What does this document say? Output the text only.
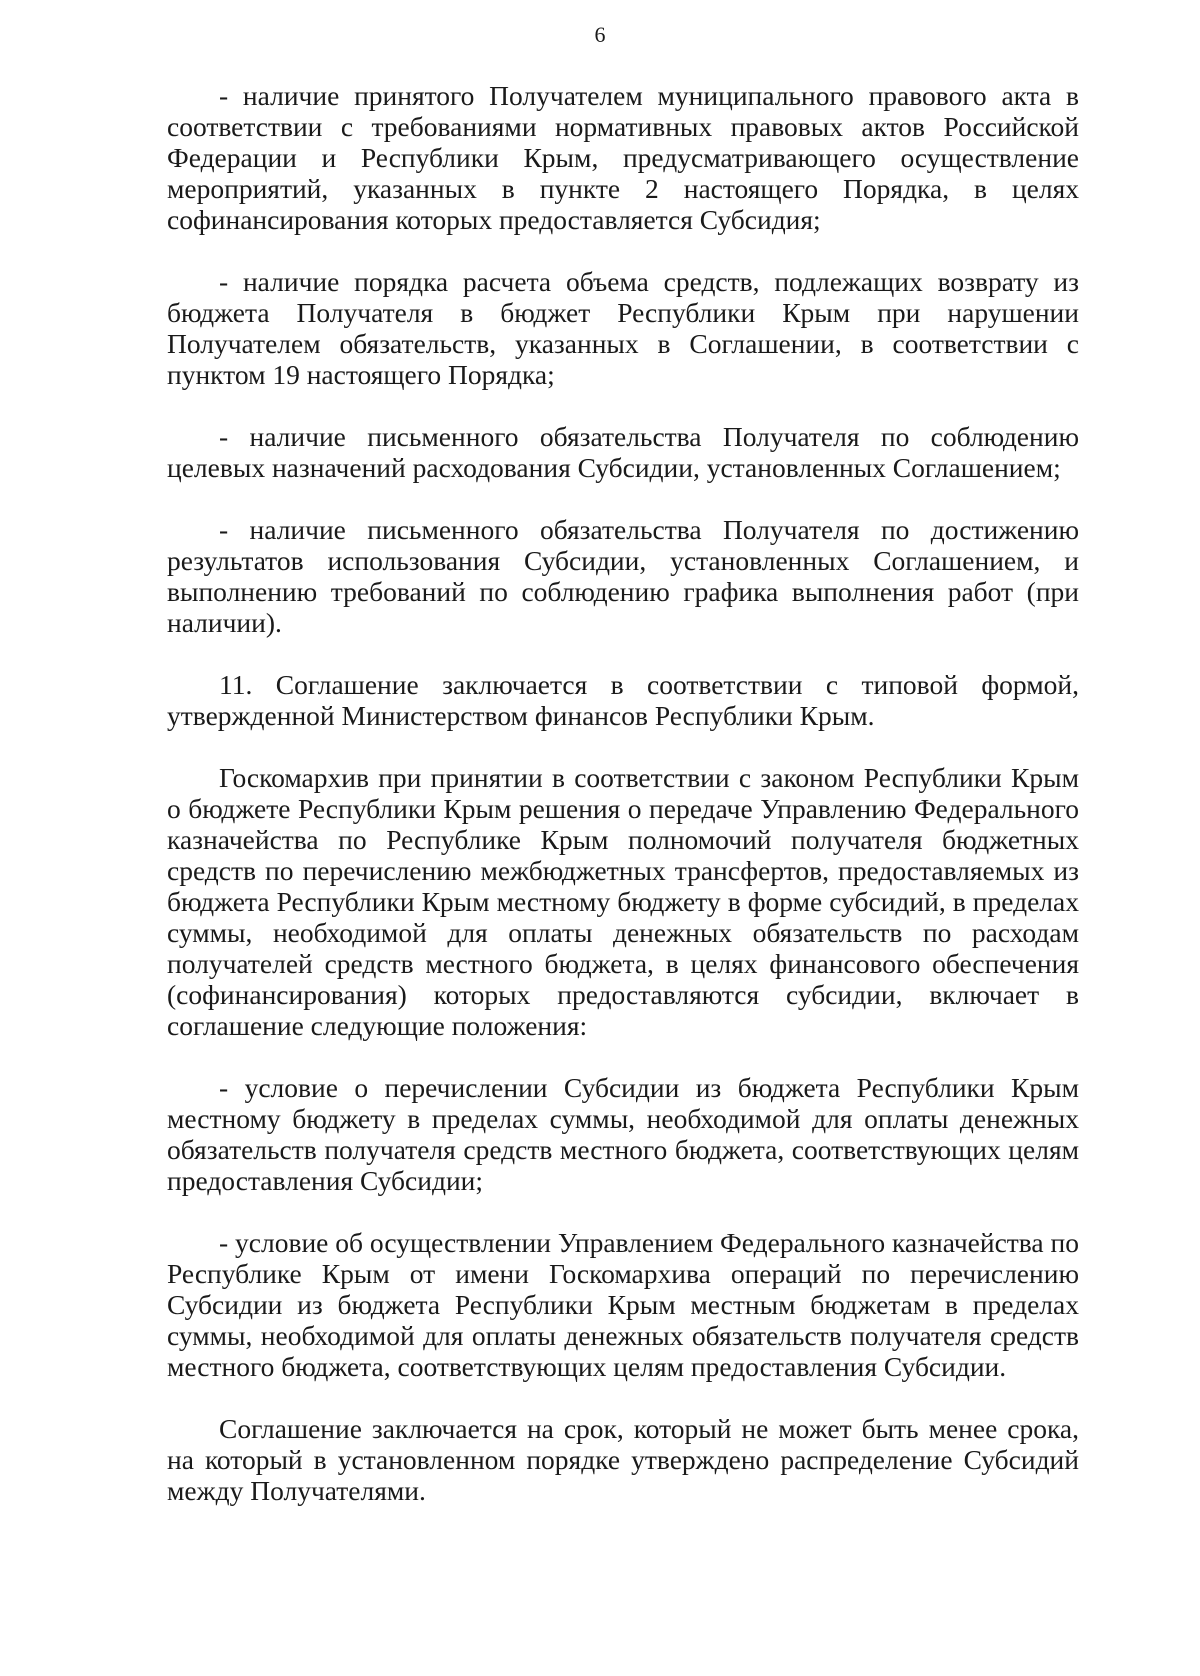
6

- наличие принятого Получателем муниципального правового акта в соответствии с требованиями нормативных правовых актов Российской Федерации и Республики Крым, предусматривающего осуществление мероприятий, указанных в пункте 2 настоящего Порядка, в целях софинансирования которых предоставляется Субсидия;

- наличие порядка расчета объема средств, подлежащих возврату из бюджета Получателя в бюджет Республики Крым при нарушении Получателем обязательств, указанных в Соглашении, в соответствии с пунктом 19 настоящего Порядка;

- наличие письменного обязательства Получателя по соблюдению целевых назначений расходования Субсидии, установленных Соглашением;

- наличие письменного обязательства Получателя по достижению результатов использования Субсидии, установленных Соглашением, и выполнению требований по соблюдению графика выполнения работ (при наличии).

11. Соглашение заключается в соответствии с типовой формой, утвержденной Министерством финансов Республики Крым.

Госкомархив при принятии в соответствии с законом Республики Крым о бюджете Республики Крым решения о передаче Управлению Федерального казначейства по Республике Крым полномочий получателя бюджетных средств по перечислению межбюджетных трансфертов, предоставляемых из бюджета Республики Крым местному бюджету в форме субсидий, в пределах суммы, необходимой для оплаты денежных обязательств по расходам получателей средств местного бюджета, в целях финансового обеспечения (софинансирования) которых предоставляются субсидии, включает в соглашение следующие положения:

- условие о перечислении Субсидии из бюджета Республики Крым местному бюджету в пределах суммы, необходимой для оплаты денежных обязательств получателя средств местного бюджета, соответствующих целям предоставления Субсидии;

- условие об осуществлении Управлением Федерального казначейства по Республике Крым от имени Госкомархива операций по перечислению Субсидии из бюджета Республики Крым местным бюджетам в пределах суммы, необходимой для оплаты денежных обязательств получателя средств местного бюджета, соответствующих целям предоставления Субсидии.

Соглашение заключается на срок, который не может быть менее срока, на который в установленном порядке утверждено распределение Субсидий между Получателями.
